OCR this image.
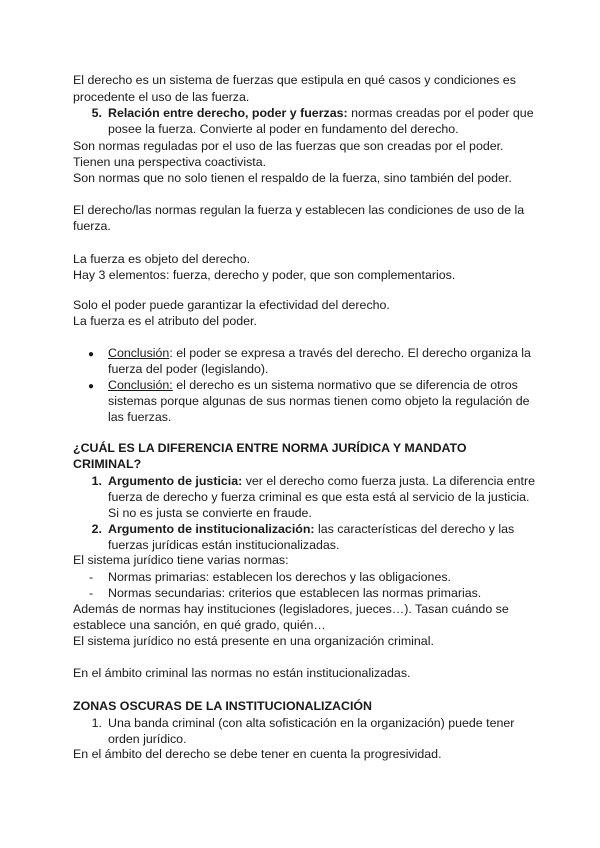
El derecho es un sistema de fuerzas que estipula en qué casos y condiciones es procedente el uso de las fuerza.

5. Relación entre derecho, poder y fuerzas: normas creadas por el poder que

posee la fuerza. Convierte al poder en fundamento del derecho.

Son normas reguladas por el uso de las fuerzas que son creadas por el poder.

Tienen una perspectiva coactivista.

Son normas que no solo tienen el respaldo de la fuerza, sino también del poder.

El derecho/las normas regulan la fuerza y establecen las condiciones de uso de la

fuerza.

La fuerza es objeto del derecho.

Hay 3 elementos: fuerza, derecho y poder, que son complementarios.

Solo el poder puede garantizar la efectividad del derecho.

La fuerza es el atributo del poder.

● Conclusión: el poder se expresa a través del derecho. El derecho organiza la

fuerza del poder (legislando).

● Conclusión: el derecho es un sistema normativo que se diferencia de otros

sistemas porque algunas de sus normas tienen como objeto la regulación de

las fuerzas.

¿CUÁL ES LA DIFERENCIA ENTRE NORMA JURÍDICA Y MANDATO

CRIMINAL?

1. Argumento de justicia: ver el derecho como fuerza justa. La diferencia entre

fuerza de derecho y fuerza criminal es que esta está al servicio de la justicia.

Si no es justa se convierte en fraude.

2. Argumento de institucionalización: las características del derecho y las

fuerzas jurídicas están institucionalizadas.

El sistema jurídico tiene varias normas:

- Normas primarias: establecen los derechos y las obligaciones.

- Normas secundarias: criterios que establecen las normas primarias.

Además de normas hay instituciones (legisladores, jueces…). Tasan cuándo se

establece una sanción, en qué grado, quién…

El sistema jurídico no está presente en una organización criminal.

En el ámbito criminal las normas no están institucionalizadas.

ZONAS OSCURAS DE LA INSTITUCIONALIZACIÓN

1. Una banda criminal (con alta sofisticación en la organización) puede tener

orden jurídico.

En el ámbito del derecho se debe tener en cuenta la progresividad.
